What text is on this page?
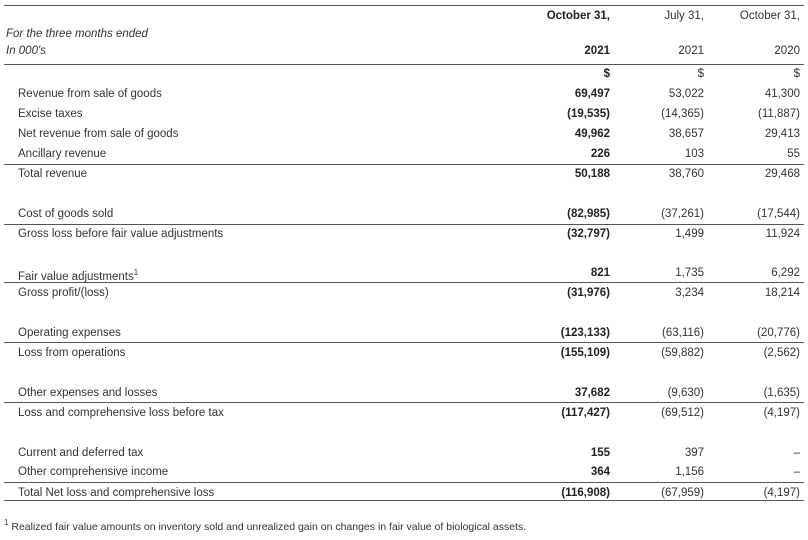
October 31,	July 31,	October 31,
For the three months ended
In 000's	2021	2021	2020
$	$	$
Revenue from sale of goods	69,497	53,022	41,300
Excise taxes	(19,535)	(14,365)	(11,887)
Net revenue from sale of goods	49,962	38,657	29,413
Ancillary revenue	226	103	55
Total revenue	50,188	38,760	29,468
Cost of goods sold	(82,985)	(37,261)	(17,544)
Gross loss before fair value adjustments	(32,797)	1,499	11,924
Fair value adjustments$^1$	821	1,735	6,292
Gross profit/(loss)	(31,976)	3,234	18,214
Operating expenses	(123,133)	(63,116)	(20,776)
Loss from operations	(155,109)	(59,882)	(2,562)
Other expenses and losses	37,682	(9,630)	(1,635)
Loss and comprehensive loss before tax	(117,427)	(69,512)	(4,197)
Current and deferred tax	155	397	–
Other comprehensive income	364	1,156	–
Total Net loss and comprehensive loss	(116,908)	(67,959)	(4,197)
$^1$ Realized fair value amounts on inventory sold and unrealized gain on changes in fair value of biological assets.
